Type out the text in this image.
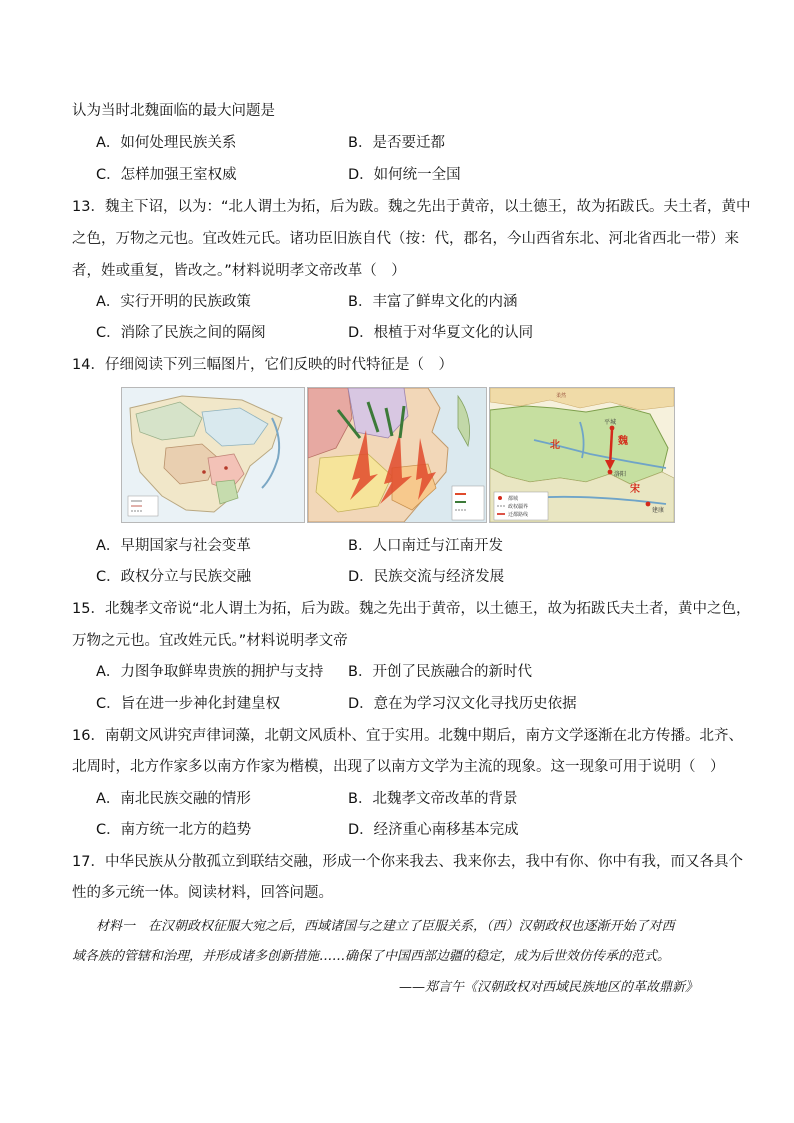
认为当时北魏面临的最大问题是
A．如何处理民族关系	B．是否要迁都
C．怎样加强王室权威	D．如何统一全国
13．魏主下诏，以为：“北人谓土为拓，后为跋。魏之先出于黄帝，以土德王，故为拓跋氏。夫土者，黄中
之色，万物之元也。宜改姓元氏。诸功臣旧族自代（按：代，郡名，今山西省东北、河北省西北一带）来
者，姓或重复，皆改之。”材料说明孝文帝改革（　）
A．实行开明的民族政策	B．丰富了鲜卑文化的内涵
C．消除了民族之间的隔阂	D．根植于对华夏文化的认同
14．仔细阅读下列三幅图片，它们反映的时代特征是（　）
柔然
北	魏
平城
洛阳
宋
建康
都城
政权疆界
迁都路线
A．早期国家与社会变革	B．人口南迁与江南开发
C．政权分立与民族交融	D．民族交流与经济发展
15．北魏孝文帝说“北人谓土为拓，后为跋。魏之先出于黄帝，以土德王，故为拓跋氏夫土者，黄中之色，
万物之元也。宜改姓元氏。”材料说明孝文帝
A．力图争取鲜卑贵族的拥护与支持 B．开创了民族融合的新时代
C．旨在进一步神化封建皇权	D．意在为学习汉文化寻找历史依据
16．南朝文风讲究声律词藻，北朝文风质朴、宜于实用。北魏中期后，南方文学逐渐在北方传播。北齐、
北周时，北方作家多以南方作家为楷模，出现了以南方文学为主流的现象。这一现象可用于说明（　）
A．南北民族交融的情形	B．北魏孝文帝改革的背景
C．南方统一北方的趋势	D．经济重心南移基本完成
17．中华民族从分散孤立到联结交融，形成一个你来我去、我来你去，我中有你、你中有我，而又各具个
性的多元统一体。阅读材料，回答问题。
材料一　在汉朝政权征服大宛之后，西域诸国与之建立了臣服关系，（西）汉朝政权也逐渐开始了对西
域各族的管辖和治理，并形成诸多创新措施……确保了中国西部边疆的稳定，成为后世效仿传承的范式。
——郑言午《汉朝政权对西域民族地区的革故鼎新》
